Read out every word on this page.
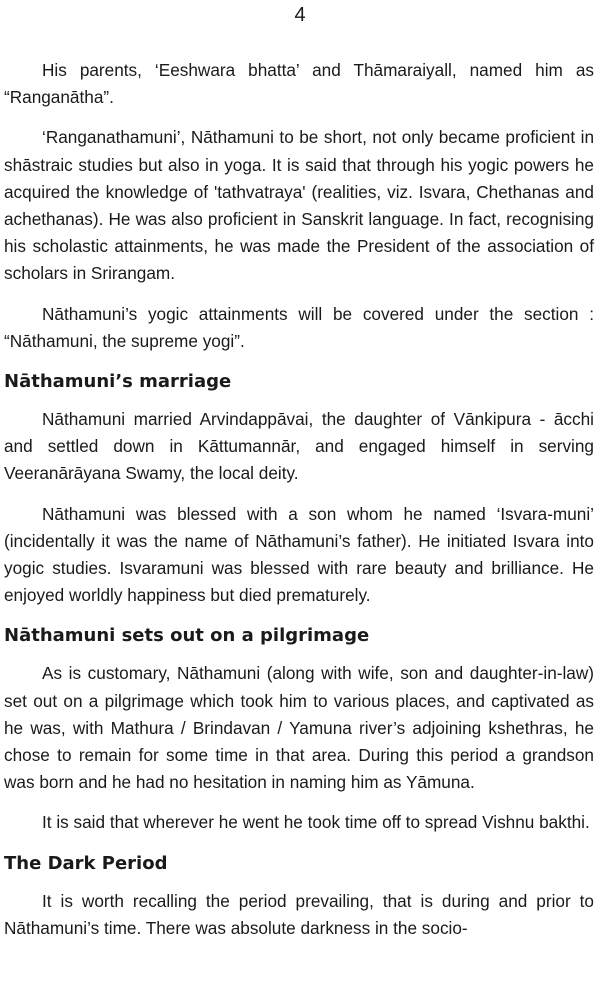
4

His parents, ‘Eeshwara bhatta’ and Thāmaraiyall, named him as “Ranganātha”.

‘Ranganathamuni’, Nāthamuni to be short, not only became proficient in shāstraic studies but also in yoga. It is said that through his yogic powers he acquired the knowledge of 'tathvatraya' (realities, viz. Isvara, Chethanas and achethanas). He was also proficient in Sanskrit language. In fact, recognising his scholastic attainments, he was made the President of the association of scholars in Srirangam.

Nāthamuni’s yogic attainments will be covered under the section : “Nāthamuni, the supreme yogi”.

Nāthamuni’s marriage

Nāthamuni married Arvindappāvai, the daughter of Vānkipura - ācchi and settled down in Kāttumannār, and engaged himself in serving Veeranārāyana Swamy, the local deity.

Nāthamuni was blessed with a son whom he named ‘Isvara-muni’ (incidentally it was the name of Nāthamuni’s father). He initiated Isvara into yogic studies. Isvaramuni was blessed with rare beauty and brilliance. He enjoyed worldly happiness but died prematurely.

Nāthamuni sets out on a pilgrimage

As is customary, Nāthamuni (along with wife, son and daughter-in-law) set out on a pilgrimage which took him to various places, and captivated as he was, with Mathura / Brindavan / Yamuna river’s adjoining kshethras, he chose to remain for some time in that area. During this period a grandson was born and he had no hesitation in naming him as Yāmuna.

It is said that wherever he went he took time off to spread Vishnu bakthi.

The Dark Period

It is worth recalling the period prevailing, that is during and prior to Nāthamuni’s time. There was absolute darkness in the socio-
